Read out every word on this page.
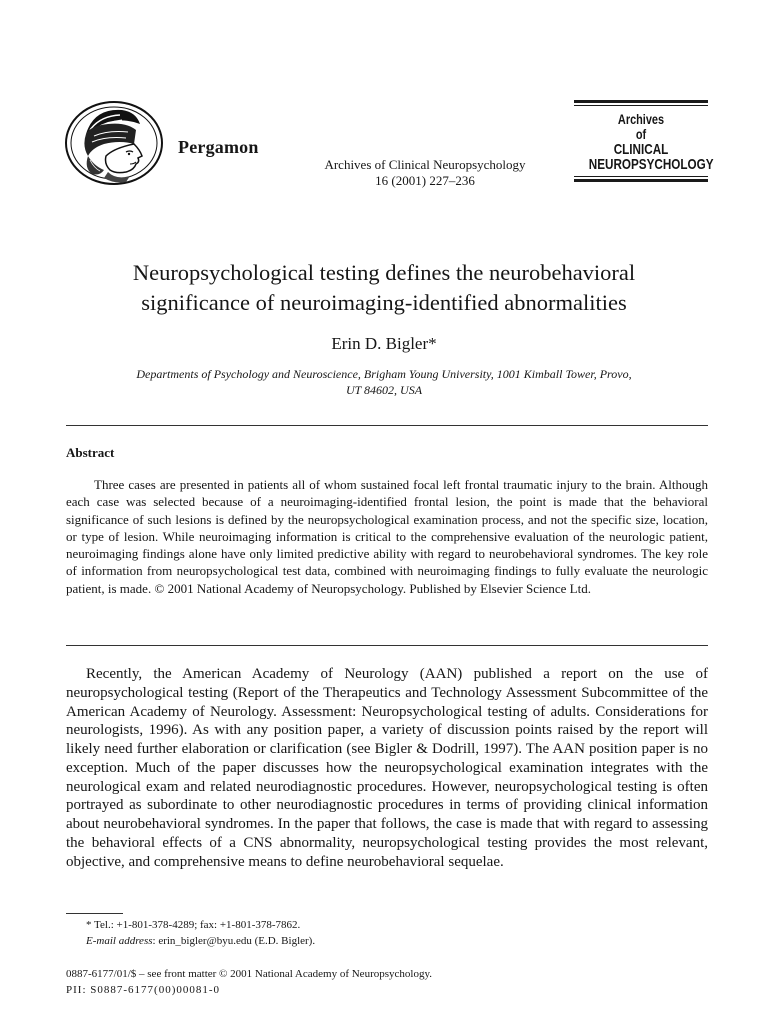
Pergamon
Archives of Clinical Neuropsychology
16 (2001) 227–236
Archives
of
CLINICAL
NEUROPSYCHOLOGY
Neuropsychological testing defines the neurobehavioral
significance of neuroimaging-identified abnormalities
Erin D. Bigler*
Departments of Psychology and Neuroscience, Brigham Young University, 1001 Kimball Tower, Provo,
UT 84602, USA
Abstract
Three cases are presented in patients all of whom sustained focal left frontal traumatic injury to the brain. Although each case was selected because of a neuroimaging-identified frontal lesion, the point is made that the behavioral significance of such lesions is defined by the neuropsychological examination process, and not the specific size, location, or type of lesion. While neuroimaging information is critical to the comprehensive evaluation of the neurologic patient, neuroimaging findings alone have only limited predictive ability with regard to neurobehavioral syndromes. The key role of information from neuropsychological test data, combined with neuroimaging findings to fully evaluate the neurologic patient, is made. © 2001 National Academy of Neuropsychology. Published by Elsevier Science Ltd.
Recently, the American Academy of Neurology (AAN) published a report on the use of neuropsychological testing (Report of the Therapeutics and Technology Assessment Subcommittee of the American Academy of Neurology. Assessment: Neuropsychological testing of adults. Considerations for neurologists, 1996). As with any position paper, a variety of discussion points raised by the report will likely need further elaboration or clarification (see Bigler & Dodrill, 1997). The AAN position paper is no exception. Much of the paper discusses how the neuropsychological examination integrates with the neurological exam and related neurodiagnostic procedures. However, neuropsychological testing is often portrayed as subordinate to other neurodiagnostic procedures in terms of providing clinical information about neurobehavioral syndromes. In the paper that follows, the case is made that with regard to assessing the behavioral effects of a CNS abnormality, neuropsychological testing provides the most relevant, objective, and comprehensive means to define neurobehavioral sequelae.
* Tel.: +1-801-378-4289; fax: +1-801-378-7862.
E-mail address: erin_bigler@byu.edu (E.D. Bigler).
0887-6177/01/$ – see front matter © 2001 National Academy of Neuropsychology.
PII: S0887-6177(00)00081-0
